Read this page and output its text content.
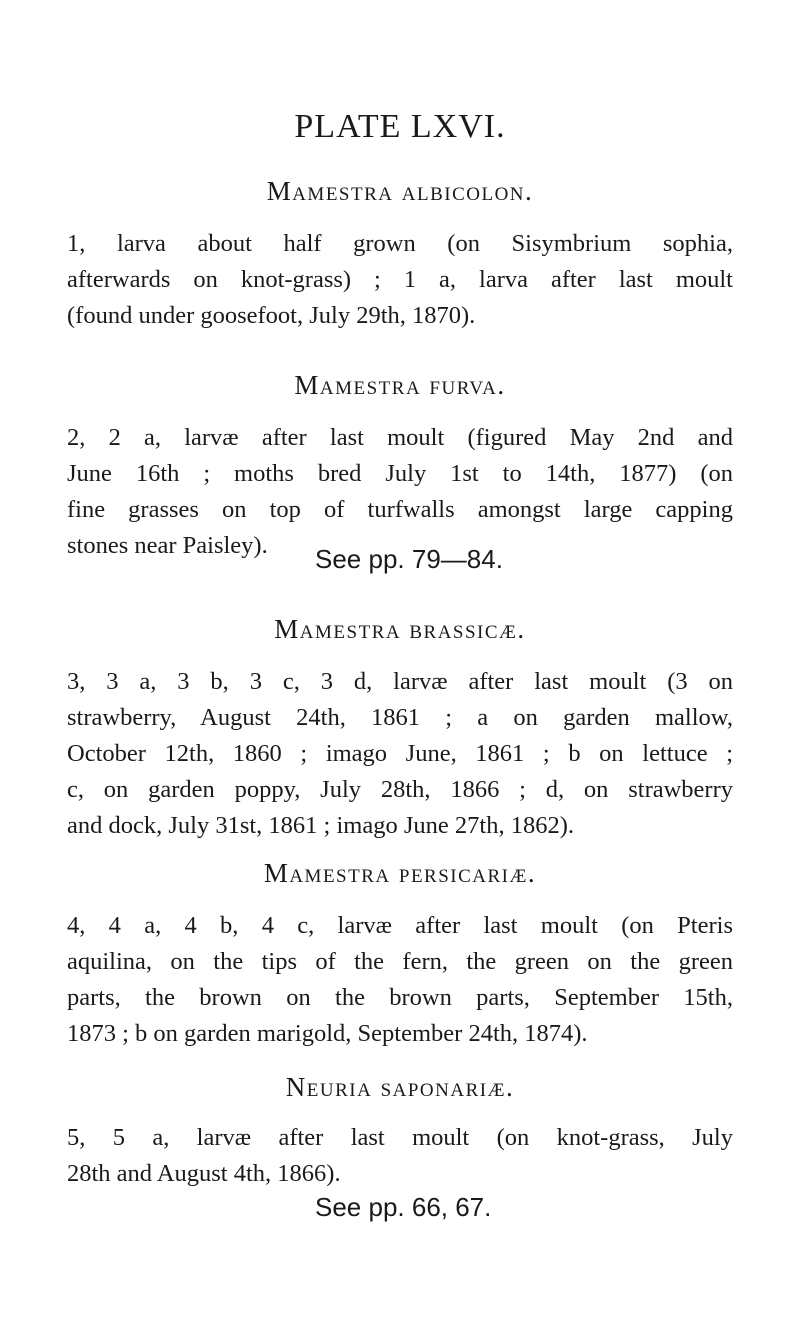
PLATE LXVI.
Mamestra albicolon.
1, larva about half grown (on Sisymbrium sophia,
afterwards on knot-grass) ; 1 a, larva after last moult
(found under goosefoot, July 29th, 1870).
Mamestra furva.
2, 2 a, larvæ after last moult (figured May 2nd and
June 16th ; moths bred July 1st to 14th, 1877) (on
fine grasses on top of turfwalls amongst large capping
stones near Paisley).	See pp. 79—84.

Mamestra brassicæ.
3, 3 a, 3 b, 3 c, 3 d, larvæ after last moult (3 on
strawberry, August 24th, 1861 ; a on garden mallow,
October 12th, 1860 ; imago June, 1861 ; b on lettuce ;
c, on garden poppy, July 28th, 1866 ; d, on strawberry
and dock, July 31st, 1861 ; imago June 27th, 1862).
Mamestra persicariæ.
4, 4 a, 4 b, 4 c, larvæ after last moult (on Pteris
aquilina, on the tips of the fern, the green on the green
parts, the brown on the brown parts, September 15th,
1873 ; b on garden marigold, September 24th, 1874).
Neuria saponariæ.
5, 5 a, larvæ after last moult (on knot-grass, July
28th and August 4th, 1866).

See pp. 66, 67.
